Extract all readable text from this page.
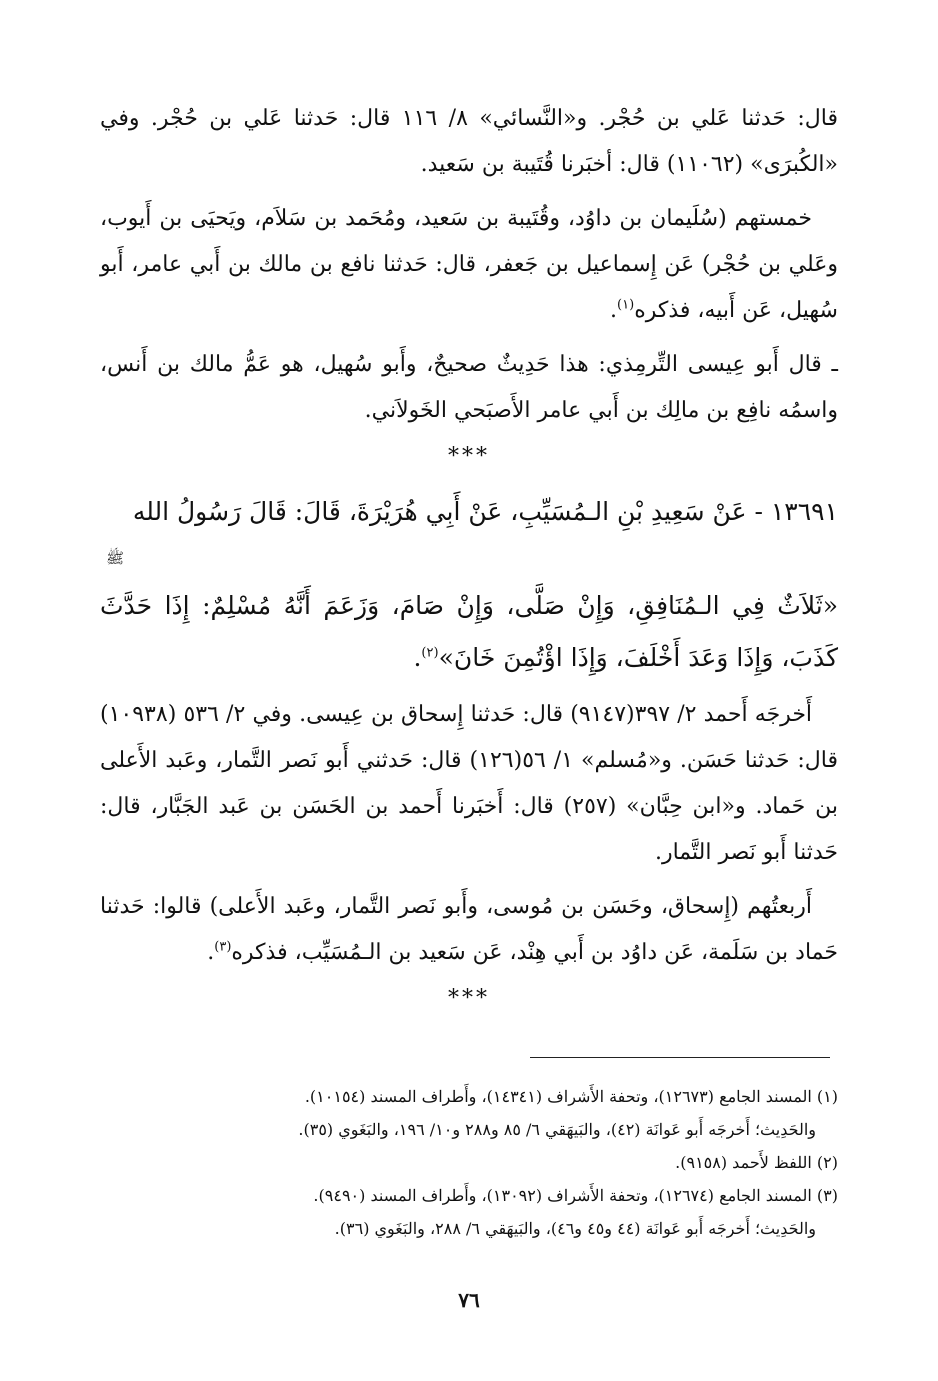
قال: حَدثنا عَلي بن حُجْر. و«النَّسائي» ٨/ ١١٦ قال: حَدثنا عَلي بن حُجْر. وفي «الكُبرَى» (١١٠٦٢) قال: أخبَرنا قُتَيبة بن سَعيد.

خمستهم (سُلَيمان بن داوُد، وقُتَيبة بن سَعيد، ومُحَمد بن سَلاَم، ويَحيَى بن أَيوب، وعَلي بن حُجْر) عَن إِسماعيل بن جَعفر، قال: حَدثنا نافع بن مالك بن أَبي عامر، أَبو سُهيل، عَن أَبيه، فذكره$^{(١)}$.

ـ قال أَبو عِيسى التِّرمِذي: هذا حَدِيثٌ صحيحٌ، وأَبو سُهيل، هو عَمُّ مالك بن أَنس، واسمُه نافِع بن مالِك بن أَبي عامر الأَصبَحي الخَولاَني.

***

١٣٦٩١ - عَنْ سَعِيدِ بْنِ الـمُسَيِّبِ، عَنْ أَبِي هُرَيْرَةَ، قَالَ: قَالَ رَسُولُ الله

ﷺ

«ثَلاَثٌ فِي الـمُنَافِقِ، وَإِنْ صَلَّى، وَإِنْ صَامَ، وَزَعَمَ أَنَّهُ مُسْلِمٌ: إِذَا حَدَّثَ كَذَبَ، وَإِذَا وَعَدَ أَخْلَفَ، وَإِذَا اؤْتُمِنَ خَانَ»$^{(٢)}$.

أَخرجَه أَحمد ٢/ ٣٩٧(٩١٤٧) قال: حَدثنا إِسحاق بن عِيسى. وفي ٢/ ٥٣٦ (١٠٩٣٨) قال: حَدثنا حَسَن. و«مُسلم» ١/ ٥٦(١٢٦) قال: حَدثني أَبو نَصر التَّمار، وعَبد الأَعلى بن حَماد. و«ابن حِبَّان» (٢٥٧) قال: أَخبَرنا أَحمد بن الحَسَن بن عَبد الجَبَّار، قال: حَدثنا أَبو نَصر التَّمار.

أَربعتُهم (إِسحاق، وحَسَن بن مُوسى، وأَبو نَصر التَّمار، وعَبد الأَعلى) قالوا: حَدثنا حَماد بن سَلَمة، عَن داوُد بن أَبي هِنْد، عَن سَعيد بن الـمُسَيِّب، فذكره$^{(٣)}$.

***

(١) المسند الجامع (١٢٦٧٣)، وتحفة الأَشراف (١٤٣٤١)، وأَطراف المسند (١٠١٥٤).

والحَدِيث؛ أَخرجَه أَبو عَوانَة (٤٢)، والبَيهَقي ٦/ ٨٥ و٢٨٨ و١٠/ ١٩٦، والبَغَوي (٣٥).

(٢) اللفظ لأَحمد (٩١٥٨).

(٣) المسند الجامع (١٢٦٧٤)، وتحفة الأَشراف (١٣٠٩٢)، وأَطراف المسند (٩٤٩٠).

والحَدِيث؛ أَخرجَه أَبو عَوانَة (٤٤ و٤٥ و٤٦)، والبَيهَقي ٦/ ٢٨٨، والبَغَوي (٣٦).

٧٦
